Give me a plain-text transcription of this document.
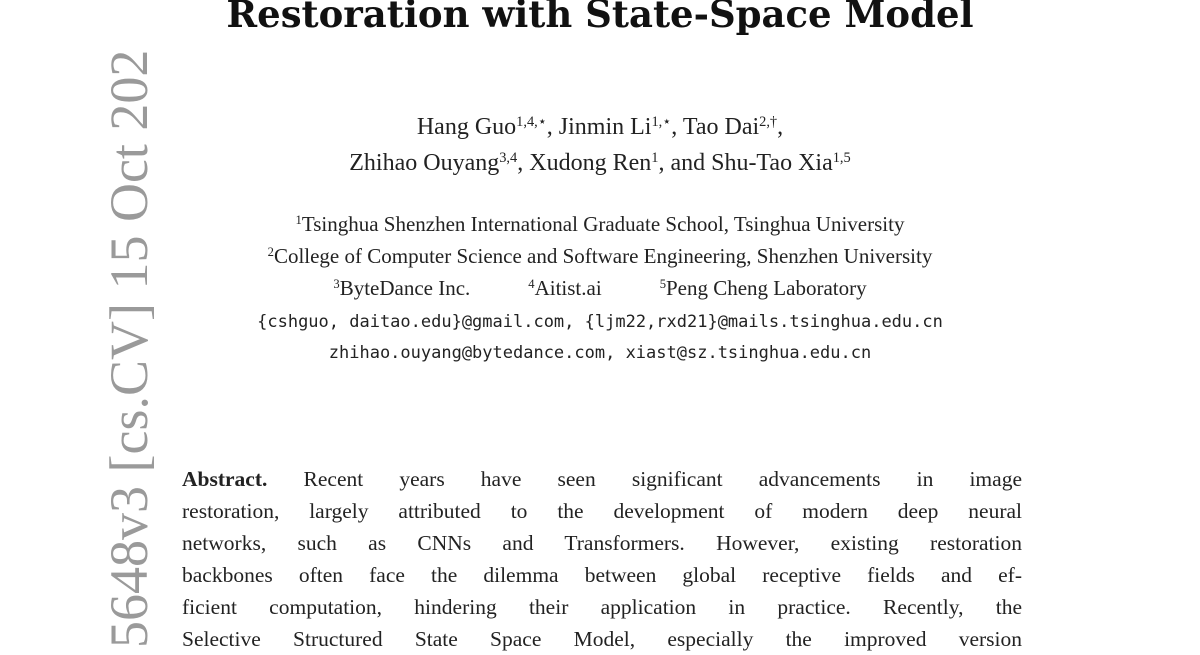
5648v3 [cs.CV] 15 Oct 202
Restoration with State-Space Model
Hang Guo$^{1,4,⋆}$, Jinmin $Li^{1,⋆}$, Tao Dai$^{2,\dagger}$,
Zhihao Ouyang$^{3,4}$, Xudong Ren$^1$, and Shu-Tao Xia$^{1,5}$
$^1$Tsinghua Shenzhen International Graduate School, Tsinghua University
$^2$College of Computer Science and Software Engineering, Shenzhen University
$^3$ByteDance Inc.	$^4$Aitist.ai	$^5$Peng Cheng Laboratory
{cshguo, daitao.edu}@gmail.com, {ljm22,rxd21}@mails.tsinghua.edu.cn
zhihao.ouyang@bytedance.com, xiast@sz.tsinghua.edu.cn
Abstract. Recent years have seen significant advancements in image
restoration, largely attributed to the development of modern deep neural
networks, such as CNNs and Transformers. However, existing restoration
backbones often face the dilemma between global receptive fields and ef-
ficient computation, hindering their application in practice. Recently, the
Selective Structured State Space Model, especially the improved version
